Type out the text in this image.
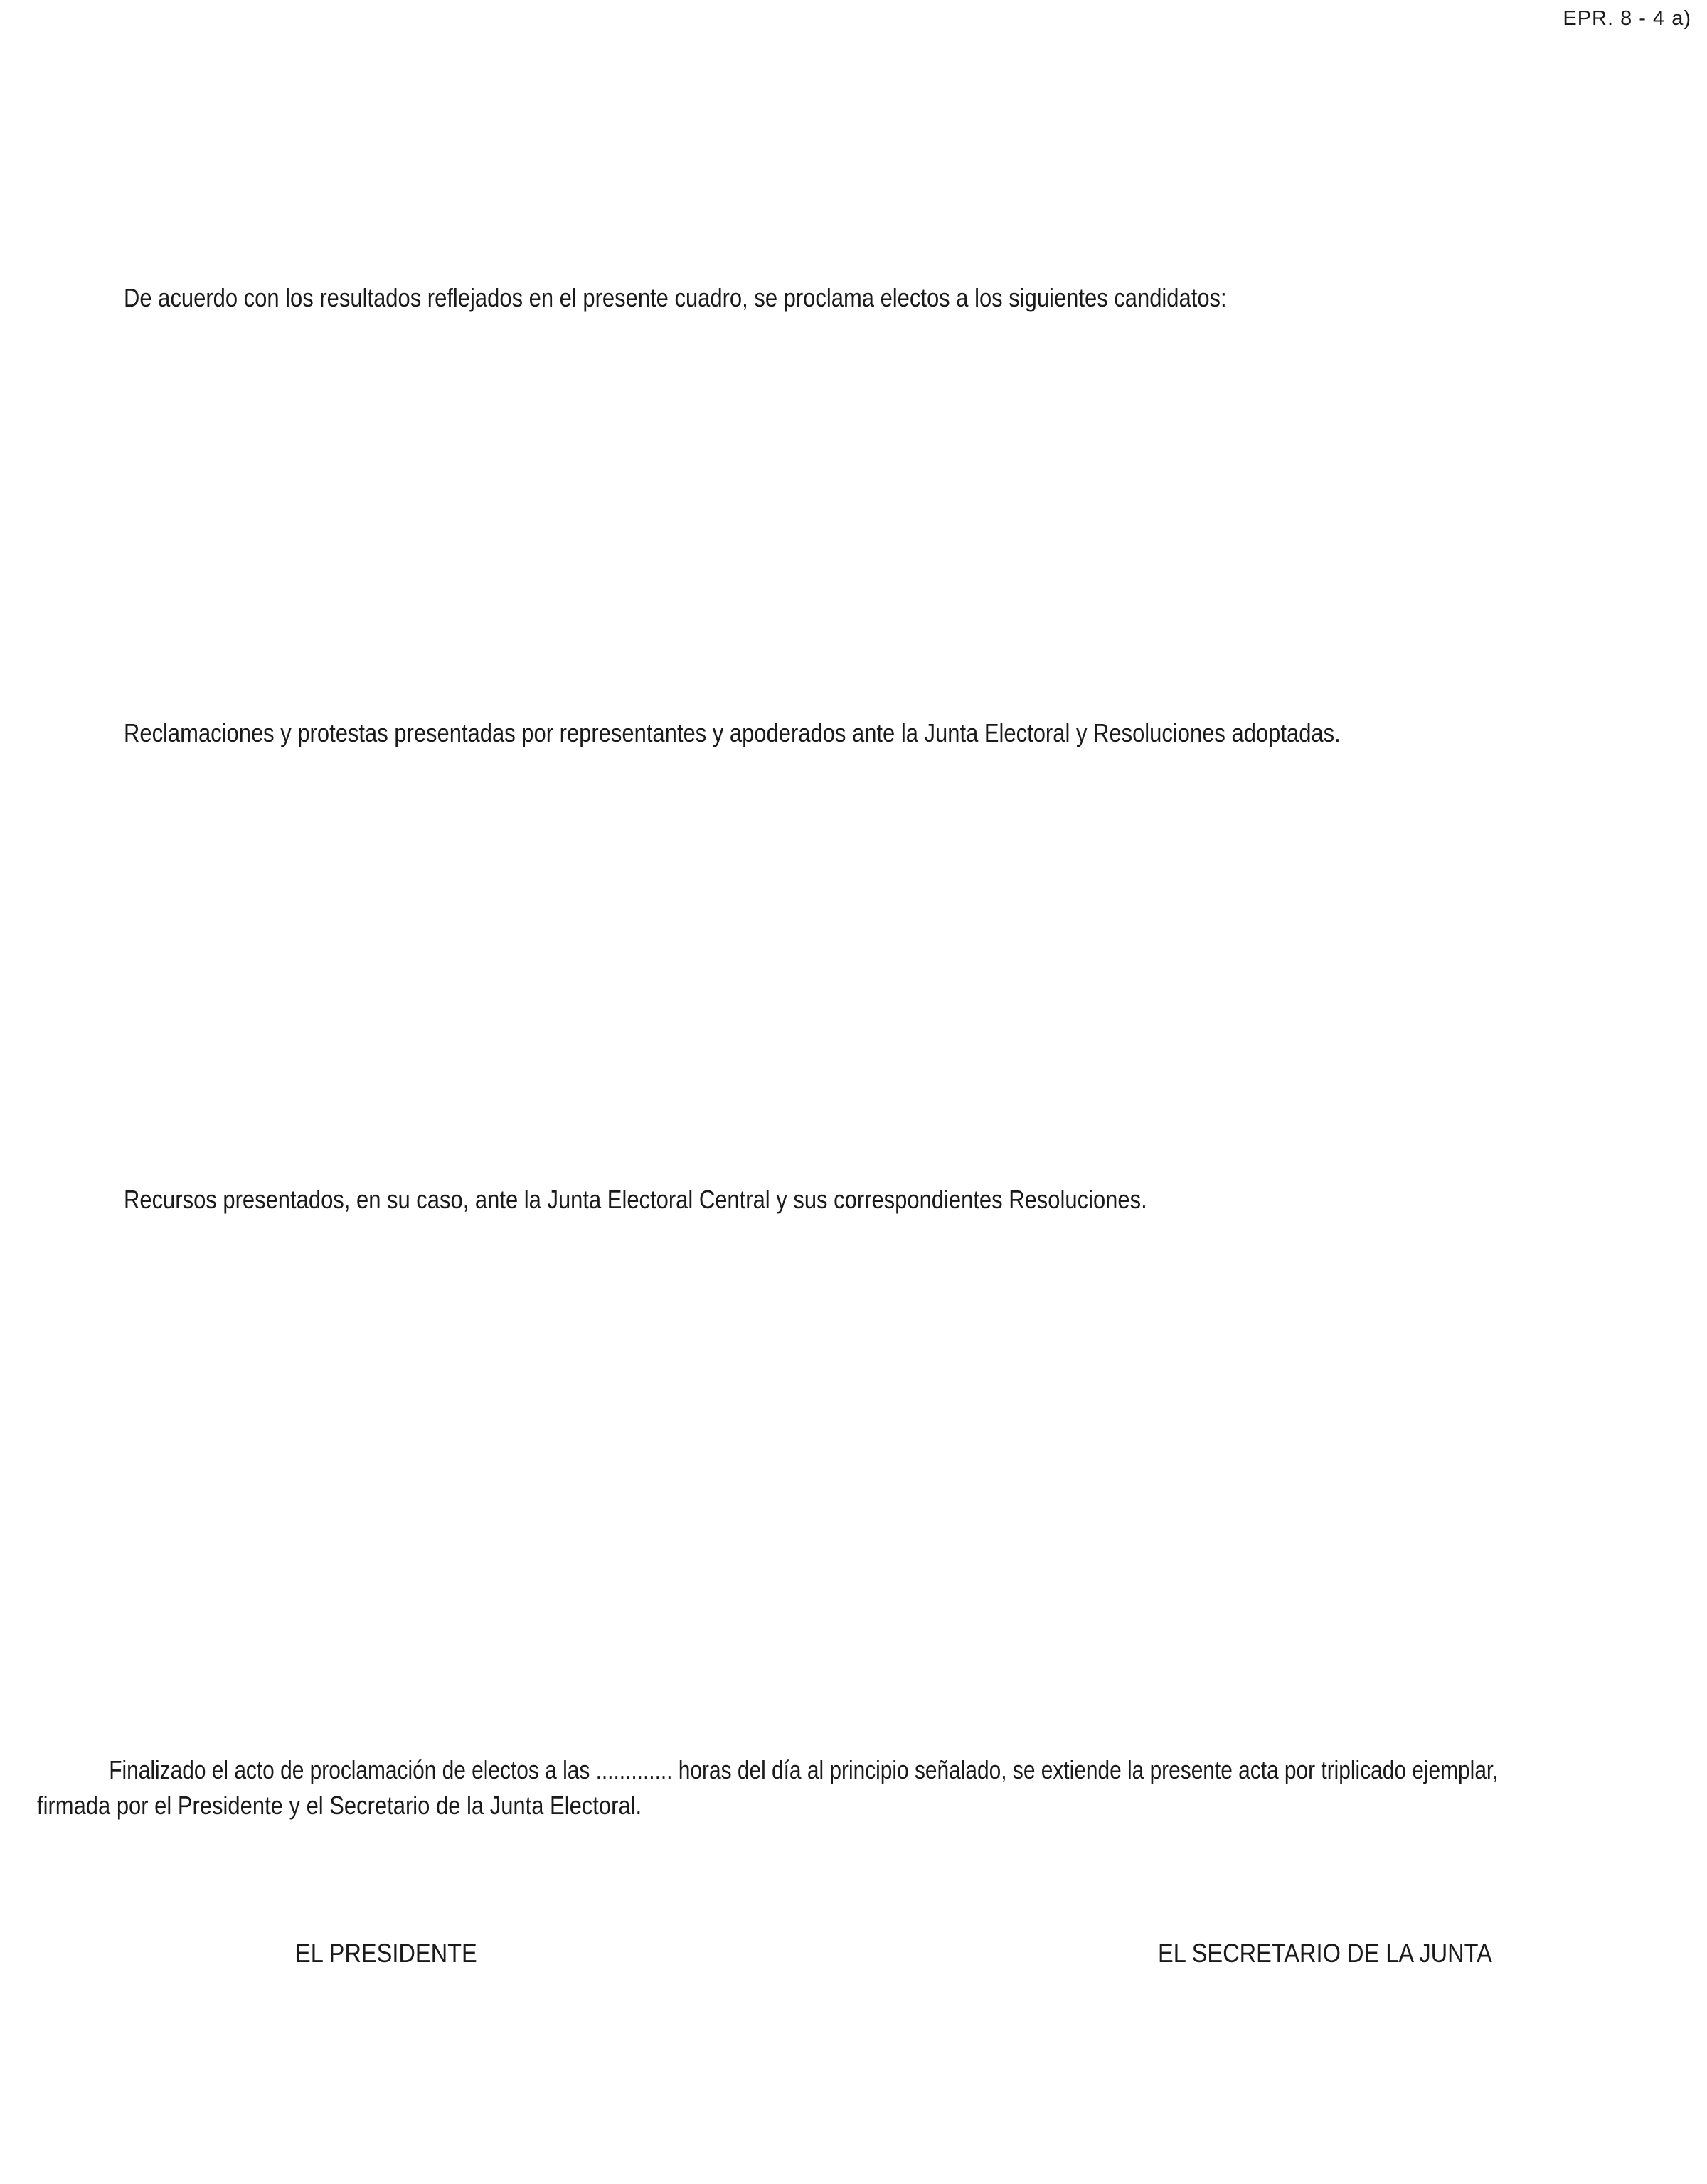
EPR. 8 - 4 a)
De acuerdo con los resultados reflejados en el presente cuadro, se proclama electos a los siguientes candidatos:
Reclamaciones y protestas presentadas por representantes y apoderados ante la Junta Electoral y Resoluciones adoptadas.
Recursos presentados, en su caso, ante la Junta Electoral Central y sus correspondientes Resoluciones.
Finalizado el acto de proclamación de electos a las ............. horas del día al principio señalado, se extiende la presente acta por triplicado ejemplar,
firmada por el Presidente y el Secretario de la Junta Electoral.
EL PRESIDENTE	EL SECRETARIO DE LA JUNTA
